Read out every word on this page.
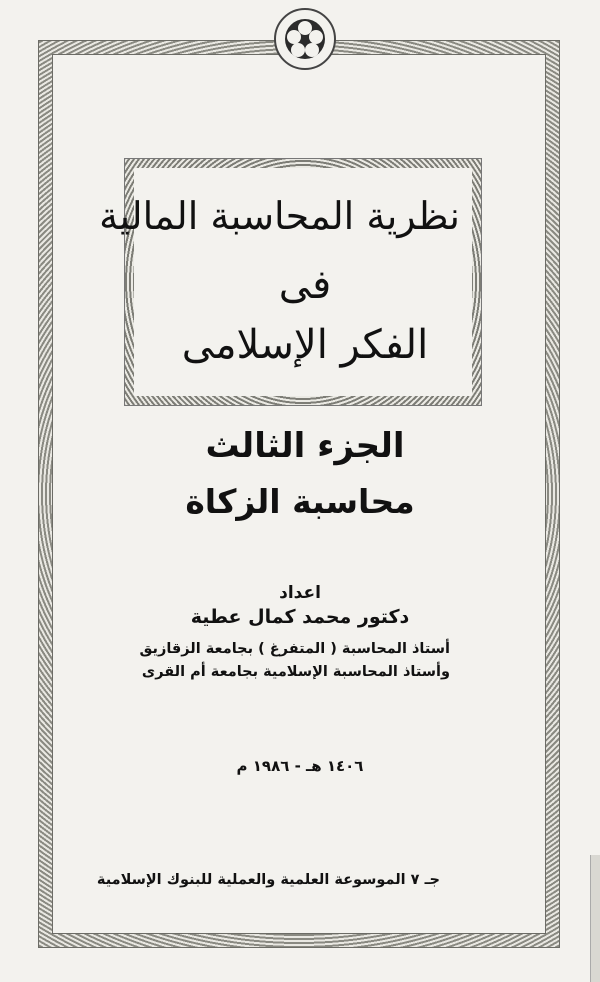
نظرية المحاسبة المالية
فى
الفكر الإسلامى
الجزء الثالث
محاسبة الزكاة
اعداد
دكتور محمد كمال عطية
أستاذ المحاسبة ( المتفرغ ) بجامعة الزقازيق
وأستاذ المحاسبة الإسلامية بجامعة أم القرى
١٤٠٦ هـ - ١٩٨٦ م
جـ ٧ الموسوعة العلمية والعملية للبنوك الإسلامية
